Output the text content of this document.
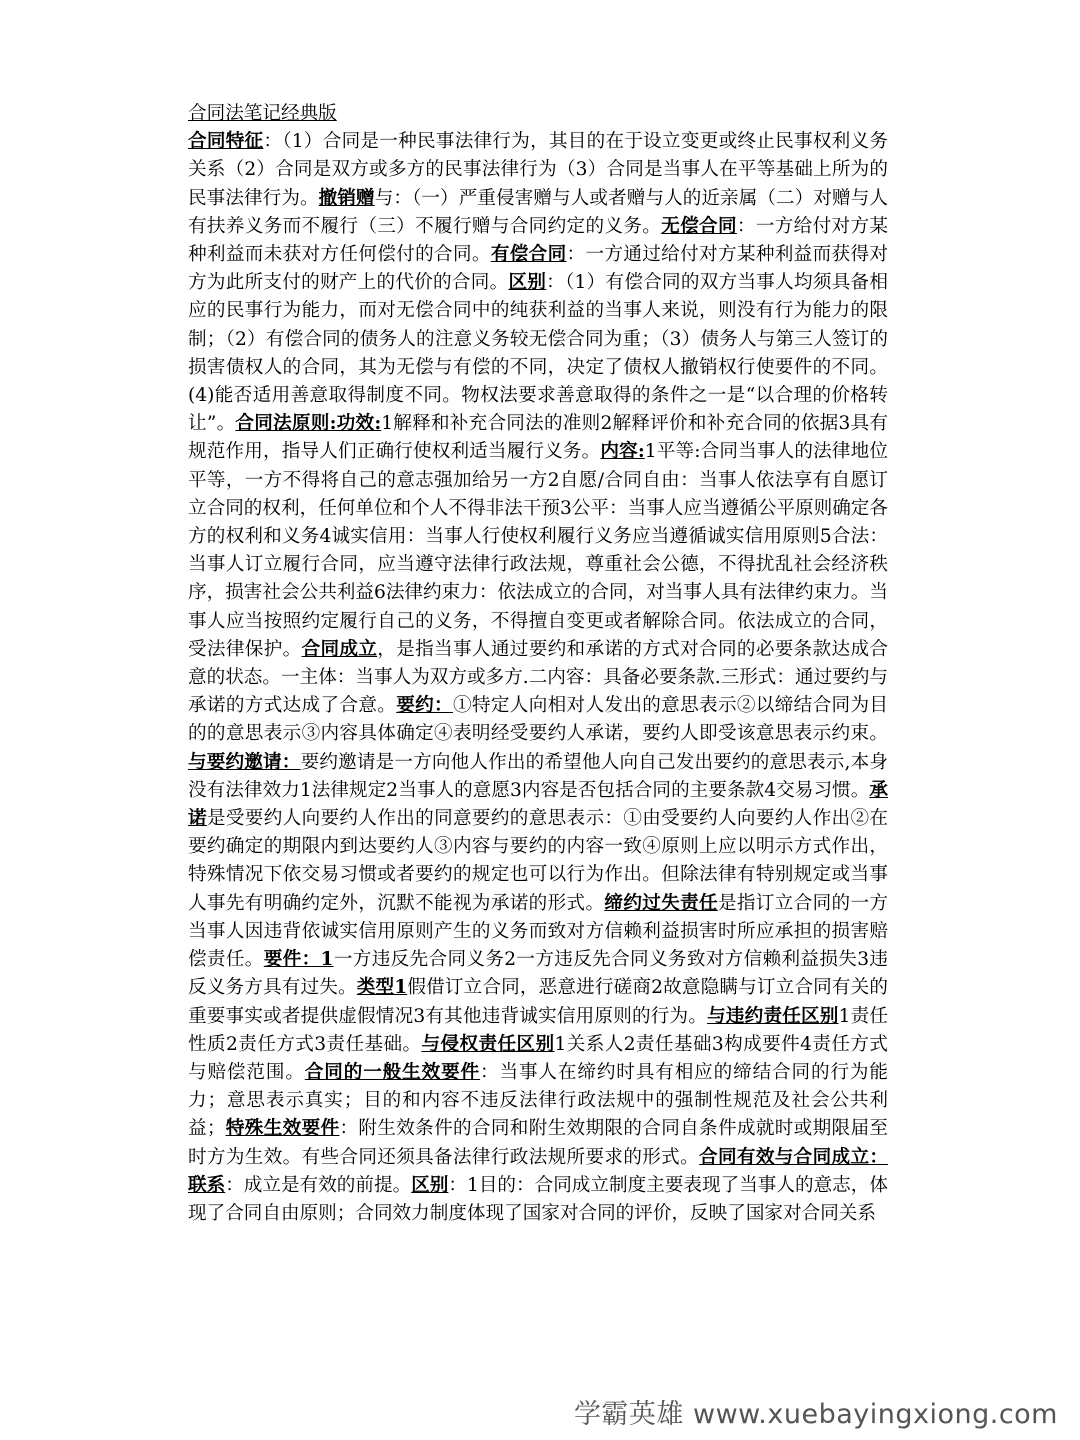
合同法笔记经典版
合同特征：（1）合同是一种民事法律行为，其目的在于设立变更或终止民事权利义务关系（2）合同是双方或多方的民事法律行为（3）合同是当事人在平等基础上所为的民事法律行为。撤销赠与：（一）严重侵害赠与人或者赠与人的近亲属（二）对赠与人有扶养义务而不履行（三）不履行赠与合同约定的义务。无偿合同：一方给付对方某种利益而未获对方任何偿付的合同。有偿合同：一方通过给付对方某种利益而获得对方为此所支付的财产上的代价的合同。区别：（1）有偿合同的双方当事人均须具备相应的民事行为能力，而对无偿合同中的纯获利益的当事人来说，则没有行为能力的限制；（2）有偿合同的债务人的注意义务较无偿合同为重；（3）债务人与第三人签订的损害债权人的合同，其为无偿与有偿的不同，决定了债权人撤销权行使要件的不同。(4)能否适用善意取得制度不同。物权法要求善意取得的条件之一是“以合理的价格转让”。合同法原则:功效:1解释和补充合同法的准则2解释评价和补充合同的依据3具有规范作用，指导人们正确行使权利适当履行义务。内容:1平等:合同当事人的法律地位平等，一方不得将自己的意志强加给另一方2自愿/合同自由：当事人依法享有自愿订立合同的权利，任何单位和个人不得非法干预3公平：当事人应当遵循公平原则确定各方的权利和义务4诚实信用：当事人行使权利履行义务应当遵循诚实信用原则5合法：当事人订立履行合同，应当遵守法律行政法规，尊重社会公德，不得扰乱社会经济秩序，损害社会公共利益6法律约束力：依法成立的合同，对当事人具有法律约束力。当事人应当按照约定履行自己的义务，不得擅自变更或者解除合同。依法成立的合同，受法律保护。合同成立，是指当事人通过要约和承诺的方式对合同的必要条款达成合意的状态。一主体：当事人为双方或多方.二内容：具备必要条款.三形式：通过要约与承诺的方式达成了合意。要约：①特定人向相对人发出的意思表示②以缔结合同为目的的意思表示③内容具体确定④表明经受要约人承诺，要约人即受该意思表示约束。与要约邀请：要约邀请是一方向他人作出的希望他人向自己发出要约的意思表示,本身没有法律效力1法律规定2当事人的意愿3内容是否包括合同的主要条款4交易习惯。承诺是受要约人向要约人作出的同意要约的意思表示：①由受要约人向要约人作出②在要约确定的期限内到达要约人③内容与要约的内容一致④原则上应以明示方式作出，特殊情况下依交易习惯或者要约的规定也可以行为作出。但除法律有特别规定或当事人事先有明确约定外，沉默不能视为承诺的形式。缔约过失责任是指订立合同的一方当事人因违背依诚实信用原则产生的义务而致对方信赖利益损害时所应承担的损害赔偿责任。要件：1一方违反先合同义务2一方违反先合同义务致对方信赖利益损失3违反义务方具有过失。类型1假借订立合同，恶意进行磋商2故意隐瞒与订立合同有关的重要事实或者提供虚假情况3有其他违背诚实信用原则的行为。与违约责任区别1责任性质2责任方式3责任基础。与侵权责任区别1关系人2责任基础3构成要件4责任方式与赔偿范围。合同的一般生效要件：当事人在缔约时具有相应的缔结合同的行为能力；意思表示真实；目的和内容不违反法律行政法规中的强制性规范及社会公共利益；特殊生效要件：附生效条件的合同和附生效期限的合同自条件成就时或期限届至时方为生效。有些合同还须具备法律行政法规所要求的形式。合同有效与合同成立：联系：成立是有效的前提。区别：1目的：合同成立制度主要表现了当事人的意志，体现了合同自由原则；合同效力制度体现了国家对合同的评价，反映了国家对合同关系
学霸英雄 www.xuebayingxiong.com
